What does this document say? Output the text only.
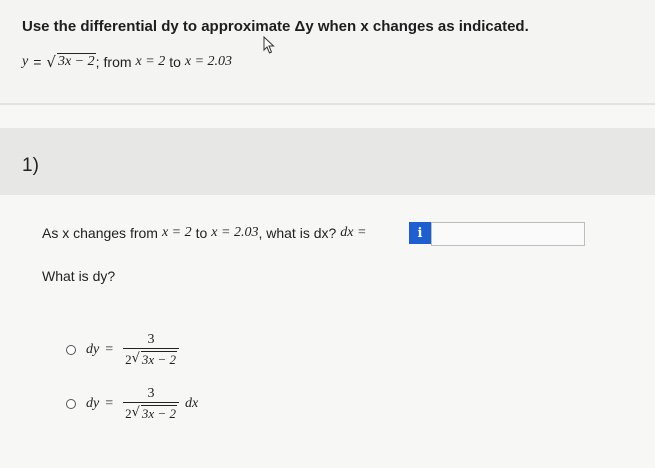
Use the differential dy to approximate Δy when x changes as indicated.
y = √ 3x − 2 ; from x = 2 to x = 2.03
1)
As x changes from x = 2 to x = 2.03 , what is dx? dx =	i
What is dy?
dy = $\frac{3}{2 √ 3x - 2}$
dy = $\frac{3}{2 √ 3x - 2}$ dx
